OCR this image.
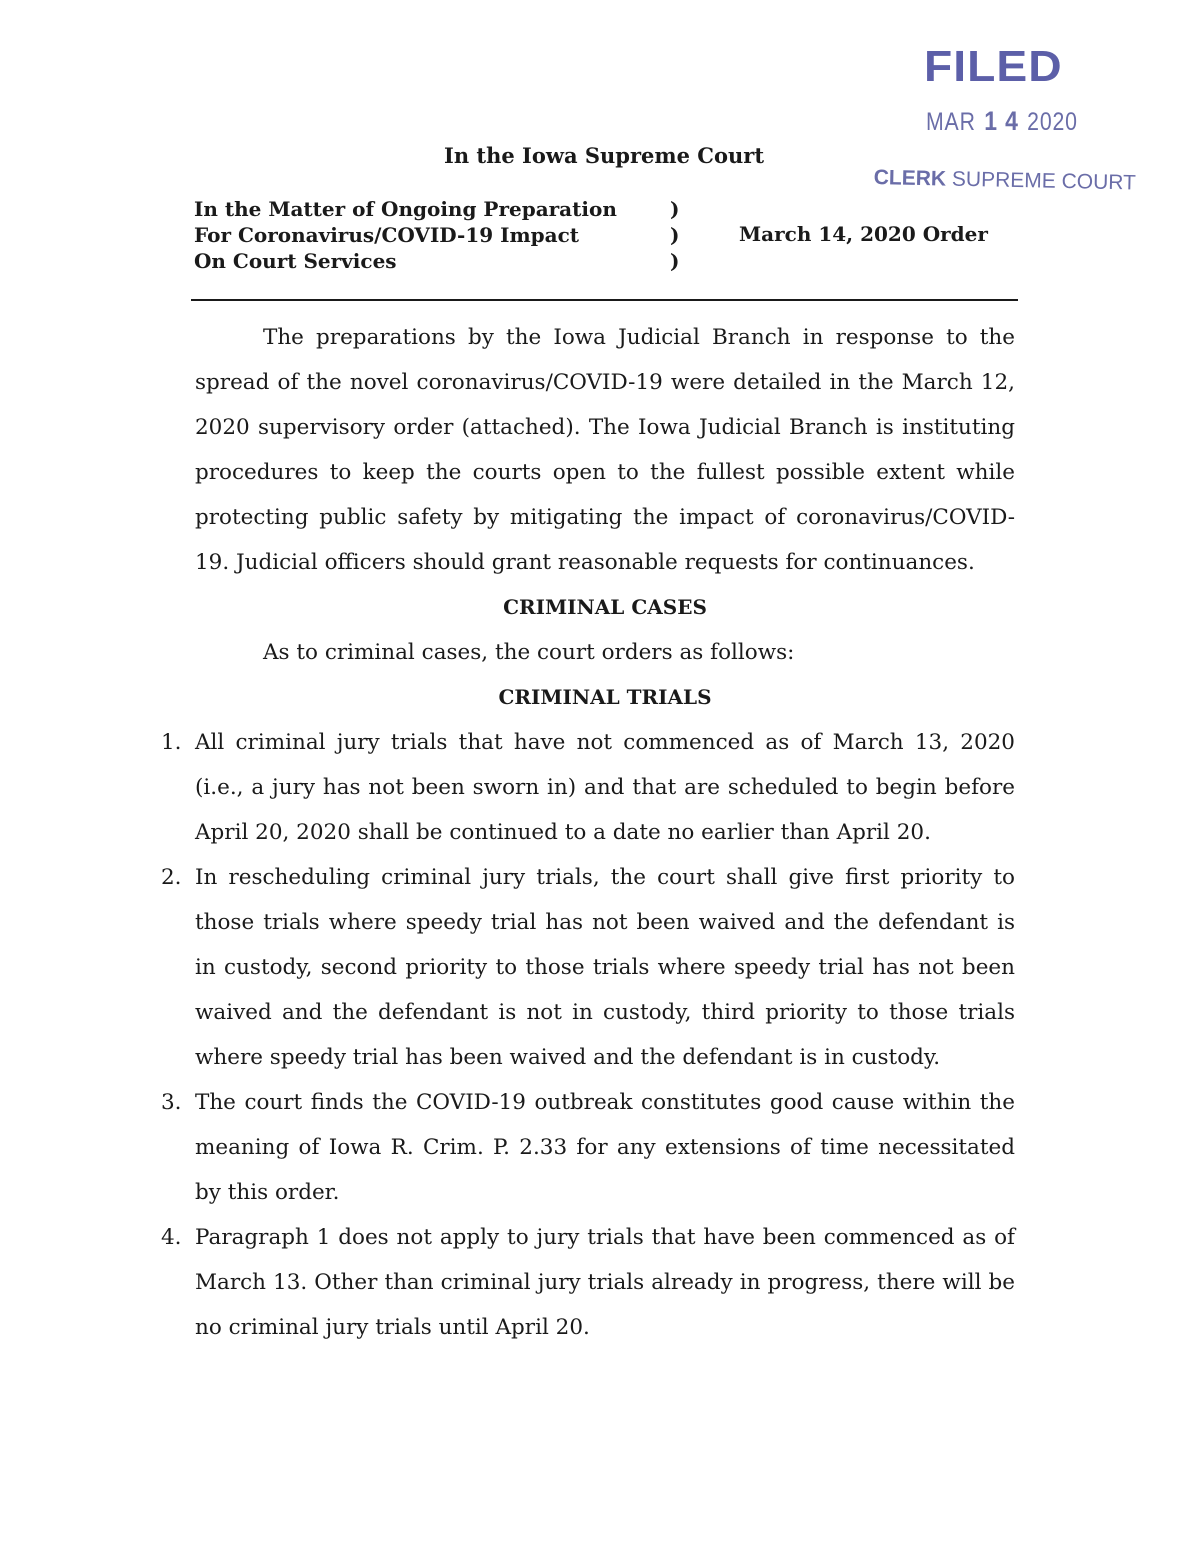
FILED
MAR 1 4 2020
CLERK SUPREME COURT
In the Iowa Supreme Court
In the Matter of Ongoing Preparation
For Coronavirus/COVID-19 Impact
On Court Services
)
)
)
March 14, 2020 Order

The preparations by the Iowa Judicial Branch in response to the spread of the novel coronavirus/COVID-19 were detailed in the March 12, 2020 supervisory order (attached). The Iowa Judicial Branch is instituting procedures to keep the courts open to the fullest possible extent while protecting public safety by mitigating the impact of coronavirus/COVID-19. Judicial officers should grant reasonable requests for continuances.

CRIMINAL CASES

As to criminal cases, the court orders as follows:

CRIMINAL TRIALS

1. All criminal jury trials that have not commenced as of March 13, 2020 (i.e., a jury has not been sworn in) and that are scheduled to begin before April 20, 2020 shall be continued to a date no earlier than April 20.
2. In rescheduling criminal jury trials, the court shall give first priority to those trials where speedy trial has not been waived and the defendant is in custody, second priority to those trials where speedy trial has not been waived and the defendant is not in custody, third priority to those trials where speedy trial has been waived and the defendant is in custody.
3. The court finds the COVID-19 outbreak constitutes good cause within the meaning of Iowa R. Crim. P. 2.33 for any extensions of time necessitated by this order.
4. Paragraph 1 does not apply to jury trials that have been commenced as of March 13. Other than criminal jury trials already in progress, there will be no criminal jury trials until April 20.
